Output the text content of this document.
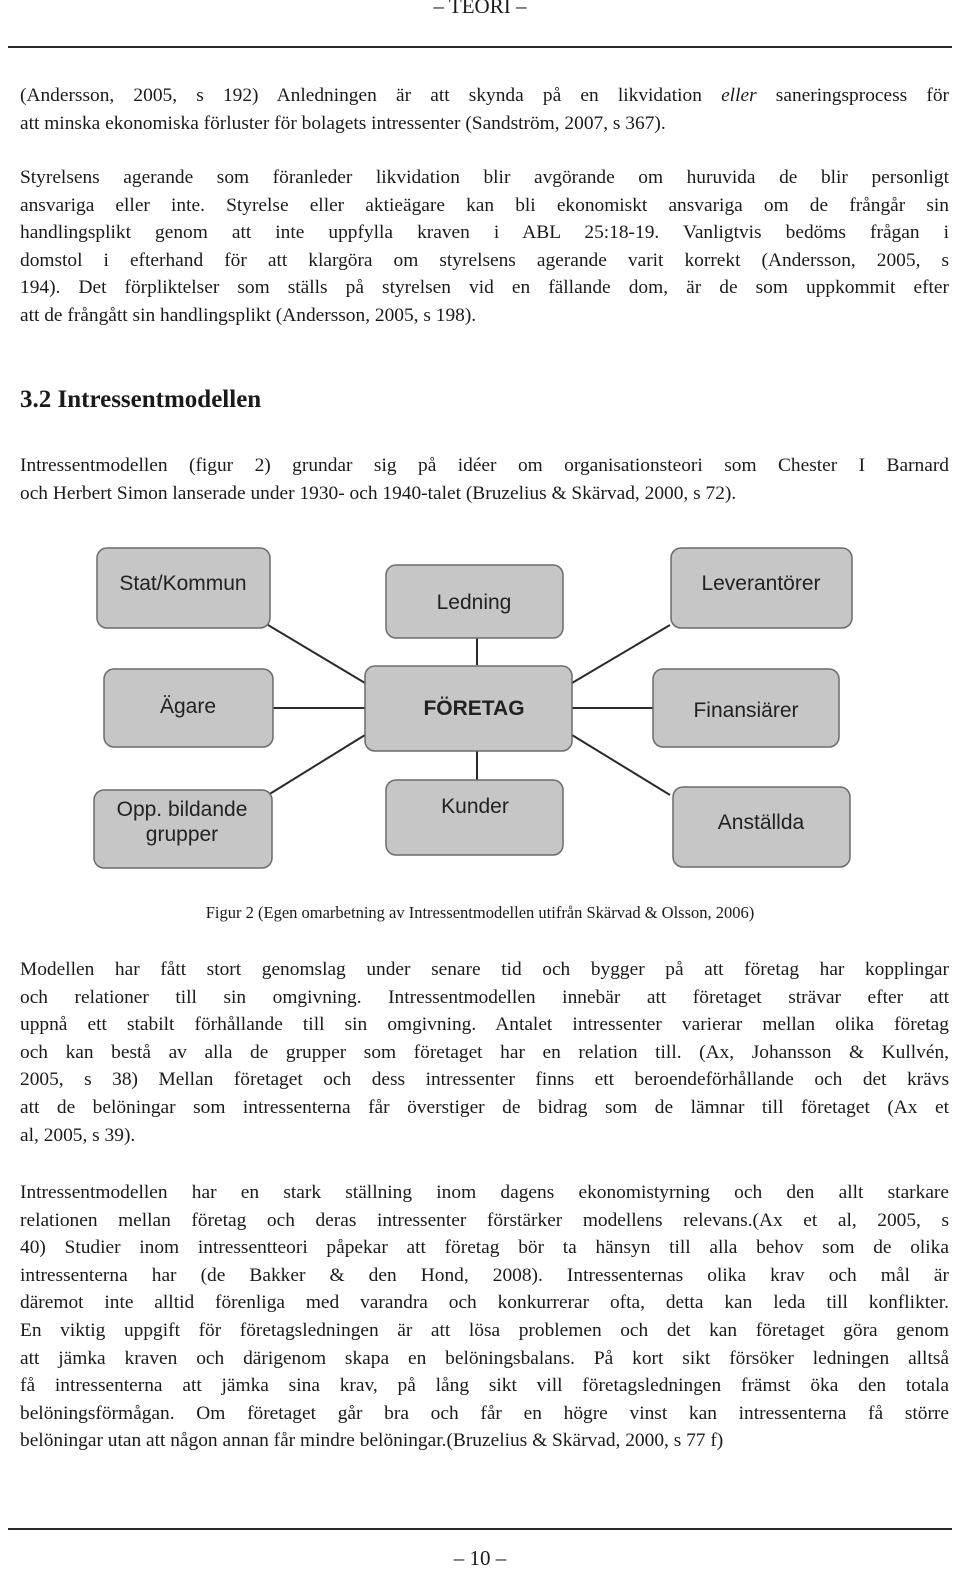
– TEORI –
(Andersson, 2005, s 192) Anledningen är att skynda på en likvidation eller saneringsprocess för
att minska ekonomiska förluster för bolagets intressenter (Sandström, 2007, s 367).
Styrelsens agerande som föranleder likvidation blir avgörande om huruvida de blir personligt
ansvariga eller inte. Styrelse eller aktieägare kan bli ekonomiskt ansvariga om de frångår sin
handlingsplikt genom att inte uppfylla kraven i ABL 25:18-19. Vanligtvis bedöms frågan i
domstol i efterhand för att klargöra om styrelsens agerande varit korrekt (Andersson, 2005, s
194). Det förpliktelser som ställs på styrelsen vid en fällande dom, är de som uppkommit efter
att de frångått sin handlingsplikt (Andersson, 2005, s 198).
3.2 Intressentmodellen
Intressentmodellen (figur 2) grundar sig på idéer om organisationsteori som Chester I Barnard
och Herbert Simon lanserade under 1930- och 1940-talet (Bruzelius & Skärvad, 2000, s 72).
Stat/Kommun
Ledning
Leverantörer
Ägare	FÖRETAG	Finansiärer
Opp. bildande
grupper
Kunder
Anställda
Figur 2 (Egen omarbetning av Intressentmodellen utifrån Skärvad & Olsson, 2006)
Modellen har fått stort genomslag under senare tid och bygger på att företag har kopplingar
och relationer till sin omgivning. Intressentmodellen innebär att företaget strävar efter att
uppnå ett stabilt förhållande till sin omgivning. Antalet intressenter varierar mellan olika företag
och kan bestå av alla de grupper som företaget har en relation till. (Ax, Johansson & Kullvén,
2005, s 38) Mellan företaget och dess intressenter finns ett beroendeförhållande och det krävs
att de belöningar som intressenterna får överstiger de bidrag som de lämnar till företaget (Ax et
al, 2005, s 39).
Intressentmodellen har en stark ställning inom dagens ekonomistyrning och den allt starkare
relationen mellan företag och deras intressenter förstärker modellens relevans.(Ax et al, 2005, s
40) Studier inom intressentteori påpekar att företag bör ta hänsyn till alla behov som de olika
intressenterna har (de Bakker & den Hond, 2008). Intressenternas olika krav och mål är
däremot inte alltid förenliga med varandra och konkurrerar ofta, detta kan leda till konflikter.
En viktig uppgift för företagsledningen är att lösa problemen och det kan företaget göra genom
att jämka kraven och därigenom skapa en belöningsbalans. På kort sikt försöker ledningen alltså
få intressenterna att jämka sina krav, på lång sikt vill företagsledningen främst öka den totala
belöningsförmågan. Om företaget går bra och får en högre vinst kan intressenterna få större
belöningar utan att någon annan får mindre belöningar.(Bruzelius & Skärvad, 2000, s 77 f)
– 10 –
